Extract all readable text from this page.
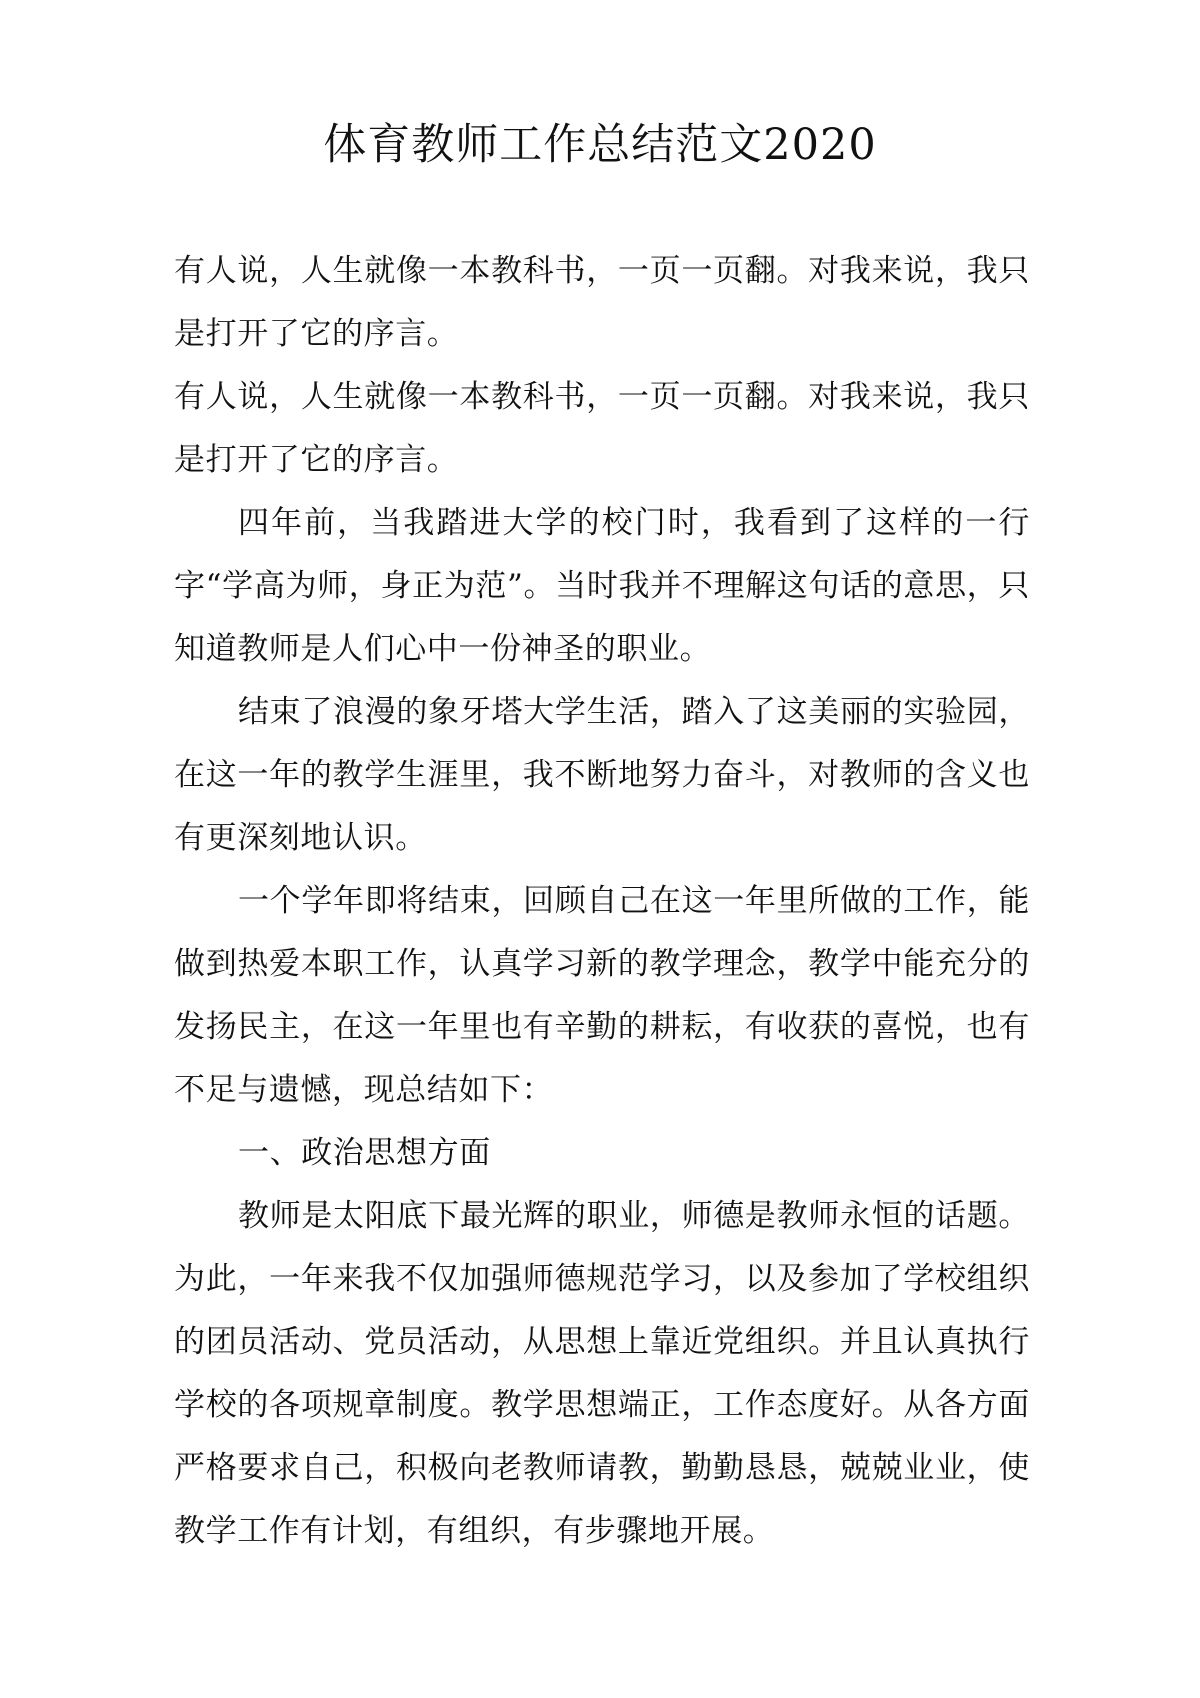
体育教师工作总结范文2020

有人说，人生就像一本教科书，一页一页翻。对我来说，我只是打开了它的序言。

有人说，人生就像一本教科书，一页一页翻。对我来说，我只是打开了它的序言。

四年前，当我踏进大学的校门时，我看到了这样的一行字“学高为师，身正为范”。当时我并不理解这句话的意思，只知道教师是人们心中一份神圣的职业。

结束了浪漫的象牙塔大学生活，踏入了这美丽的实验园，在这一年的教学生涯里，我不断地努力奋斗，对教师的含义也有更深刻地认识。

一个学年即将结束，回顾自己在这一年里所做的工作，能做到热爱本职工作，认真学习新的教学理念，教学中能充分的发扬民主，在这一年里也有辛勤的耕耘，有收获的喜悦，也有不足与遗憾，现总结如下：

一、政治思想方面

教师是太阳底下最光辉的职业，师德是教师永恒的话题。为此，一年来我不仅加强师德规范学习，以及参加了学校组织的团员活动、党员活动，从思想上靠近党组织。并且认真执行学校的各项规章制度。教学思想端正，工作态度好。从各方面严格要求自己，积极向老教师请教，勤勤恳恳，兢兢业业，使教学工作有计划，有组织，有步骤地开展。
